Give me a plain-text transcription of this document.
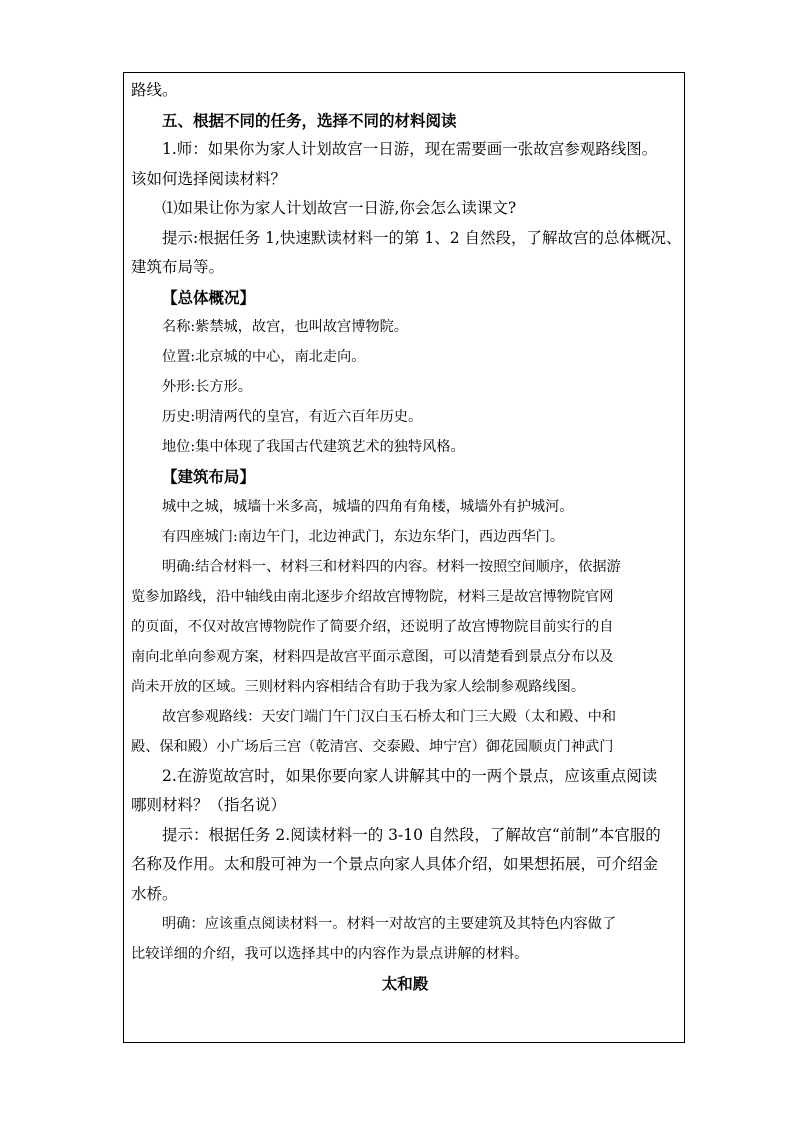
路线。

五、根据不同的任务，选择不同的材料阅读

1.师：如果你为家人计划故宫一日游，现在需要画一张故宫参观路线图。

该如何选择阅读材料？

⑴如果让你为家人计划故宫一日游,你会怎么读课文?

提示:根据任务 1,快速默读材料一的第 1、2 自然段，了解故宫的总体概况、

建筑布局等。

【总体概况】

名称:紫禁城，故宫，也叫故宫博物院。

位置:北京城的中心，南北走向。

外形:长方形。

历史:明清两代的皇宫，有近六百年历史。

地位:集中体现了我国古代建筑艺术的独特风格。

【建筑布局】

城中之城，城墙十米多高，城墙的四角有角楼，城墙外有护城河。

有四座城门:南边午门，北边神武门，东边东华门，西边西华门。

明确:结合材料一、材料三和材料四的内容。材料一按照空间顺序，依据游

览参加路线，沿中轴线由南北逐步介绍故宫博物院，材料三是故宫博物院官网

的页面，不仅对故宫博物院作了简要介绍，还说明了故宫博物院目前实行的自

南向北单向参观方案，材料四是故宫平面示意图，可以清楚看到景点分布以及

尚未开放的区域。三则材料内容相结合有助于我为家人绘制参观路线图。

故宫参观路线：天安门端门午门汉白玉石桥太和门三大殿（太和殿、中和

殿、保和殿）小广场后三宫（乾清宫、交泰殿、坤宁宫）御花园顺贞门神武门

2.在游览故宫时，如果你要向家人讲解其中的一两个景点，应该重点阅读

哪则材料？（指名说）

提示：根据任务 2.阅读材料一的 3-10 自然段，了解故宫“前制”本官服的

名称及作用。太和殷可神为一个景点向家人具体介绍，如果想拓展，可介绍金

水桥。

明确：应该重点阅读材料一。材料一对故宫的主要建筑及其特色内容做了

比较详细的介绍，我可以选择其中的内容作为景点讲解的材料。

太和殿
